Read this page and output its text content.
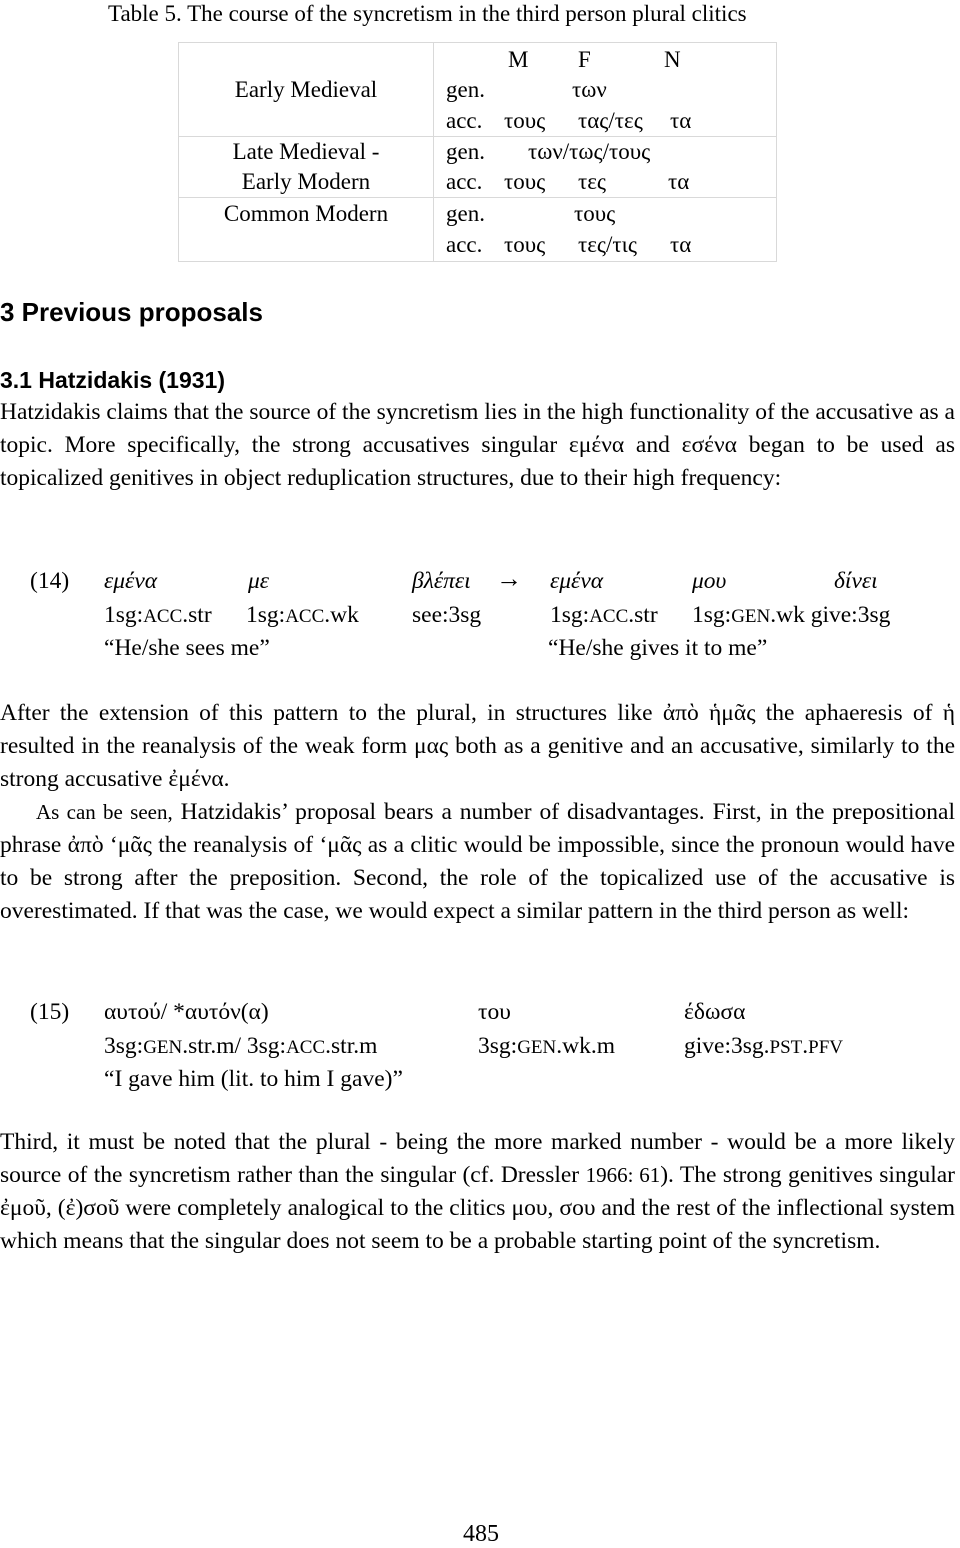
Table 5. The course of the syncretism in the third person plural clitics
M F	N
Early Medieval	gen.	των
acc. τους τας/τες τα
Late Medieval -
Early Modern
gen. των/τως/τους
acc. τους τες	τα
Common Modern	gen.	τους
acc. τους τες/τις τα
3 Previous proposals
3.1 Hatzidakis (1931)
Hatzidakis claims that the source of the syncretism lies in the high functionality of the accusative as a topic. More specifically, the strong accusatives singular εμένα and εσένα began to be used as topicalized genitives in object reduplication structures, due to their high frequency:
(14) εμένα	με	βλέπει → εμένα	μου	δίνει
1sg:ACC.str 1sg:ACC.wk see:3sg	1sg:ACC.str 1sg:GEN.wk give:3sg
“He/she sees me”	“He/she gives it to me”
After the extension of this pattern to the plural, in structures like ἀπὸ ἡμᾶς the aphaeresis of ἡ resulted in the reanalysis of the weak form μας both as a genitive and an accusative, similarly to the strong accusative ἐμένα.
As can be seen, Hatzidakis’ proposal bears a number of disadvantages. First, in the prepositional phrase ἀπὸ ‘μᾶς the reanalysis of ‘μᾶς as a clitic would be impossible, since the pronoun would have to be strong after the preposition. Second, the role of the topicalized use of the accusative is overestimated. If that was the case, we would expect a similar pattern in the third person as well:
(15) αυτού/ *αυτόν(α)	του	έδωσα
3sg:GEN.str.m/ 3sg:ACC.str.m	3sg:GEN.wk.m	give:3sg.PST.PFV
“I gave him (lit. to him I gave)”
Third, it must be noted that the plural - being the more marked number - would be a more likely source of the syncretism rather than the singular (cf. Dressler 1966: 61). The strong genitives singular ἐμοῦ, (ἐ)σοῦ were completely analogical to the clitics μου, σου and the rest of the inflectional system which means that the singular does not seem to be a probable starting point of the syncretism.
485
